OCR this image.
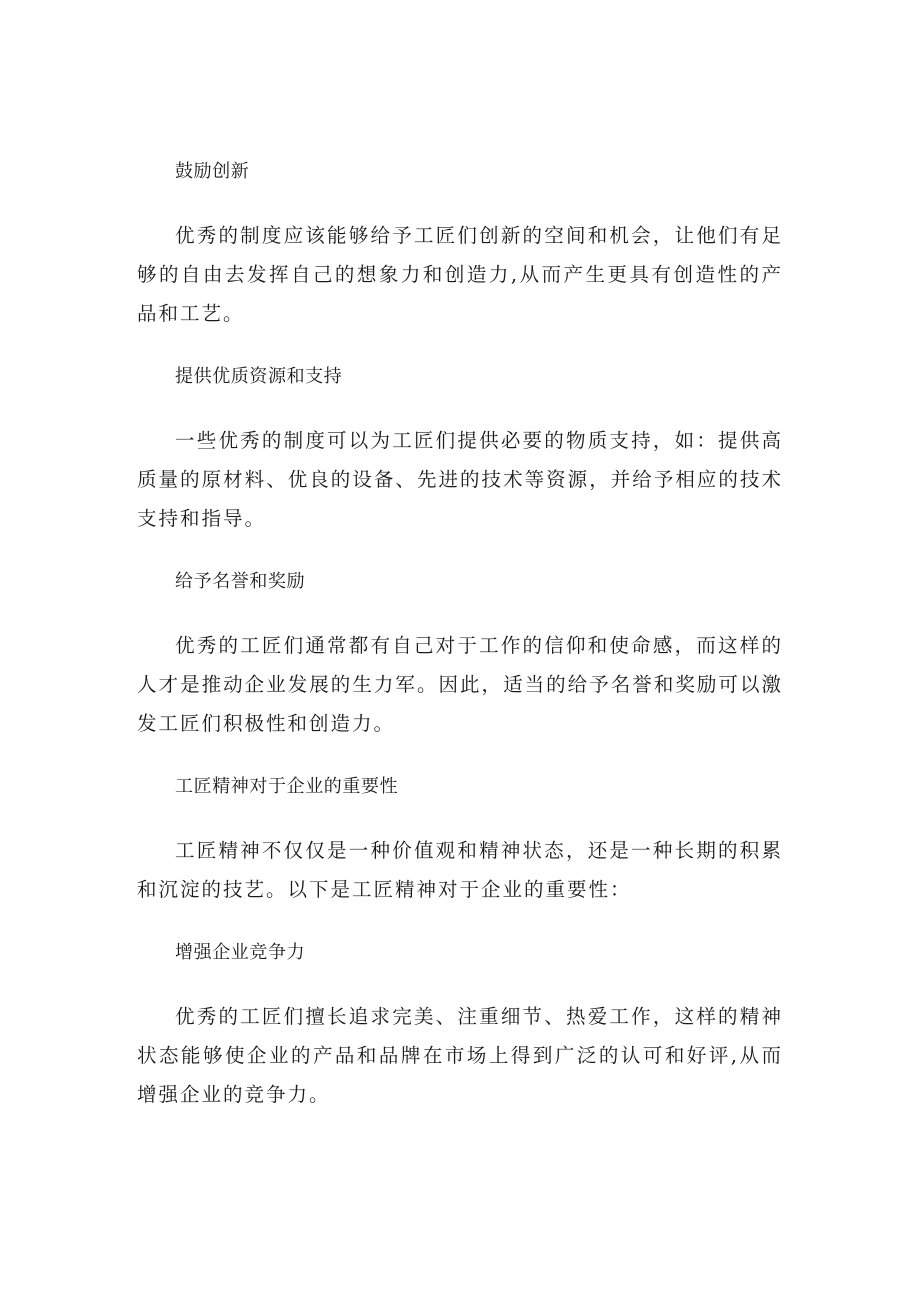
鼓励创新

优秀的制度应该能够给予工匠们创新的空间和机会，让他们有足够的自由去发挥自己的想象力和创造力,从而产生更具有创造性的产品和工艺。

提供优质资源和支持

一些优秀的制度可以为工匠们提供必要的物质支持，如：提供高质量的原材料、优良的设备、先进的技术等资源，并给予相应的技术支持和指导。

给予名誉和奖励

优秀的工匠们通常都有自己对于工作的信仰和使命感，而这样的人才是推动企业发展的生力军。因此，适当的给予名誉和奖励可以激发工匠们积极性和创造力。

工匠精神对于企业的重要性

工匠精神不仅仅是一种价值观和精神状态，还是一种长期的积累和沉淀的技艺。以下是工匠精神对于企业的重要性：

增强企业竞争力

优秀的工匠们擅长追求完美、注重细节、热爱工作，这样的精神状态能够使企业的产品和品牌在市场上得到广泛的认可和好评,从而增强企业的竞争力。
